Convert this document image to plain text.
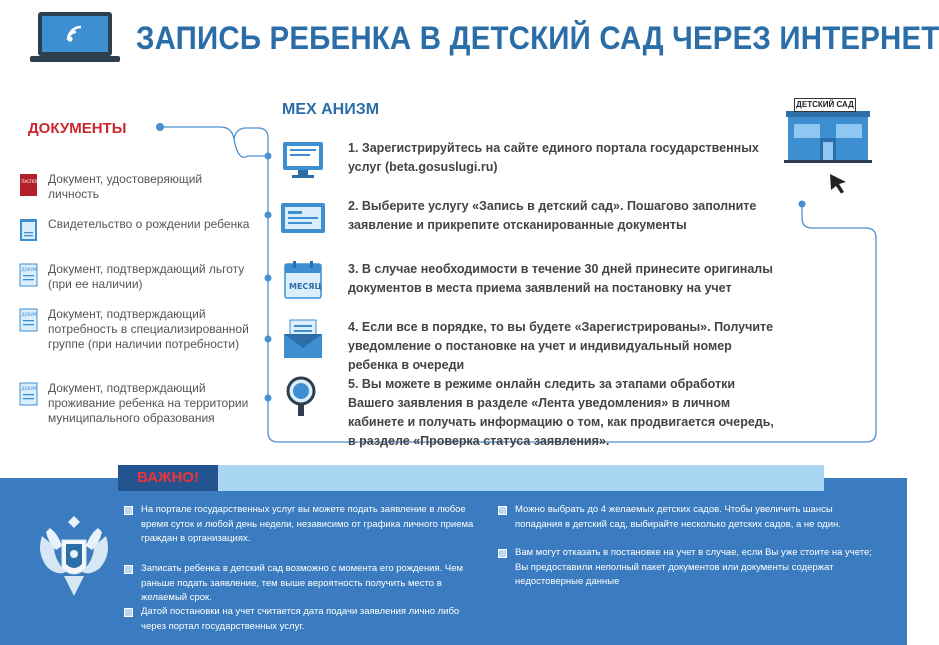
ЗАПИСЬ РЕБЕНКА В ДЕТСКИЙ САД ЧЕРЕЗ ИНТЕРНЕТ
ДОКУМЕНТЫ
ПАСПОРТ Документ, удостоверяющий личность
Свидетельство о рождении ребенка
ДОКУМ Документ, подтверждающий льготу (при ее наличии)
ДОКУМ Документ, подтверждающий потребность в специализированной группе (при наличии потребности)
ДОКУМ Документ, подтверждающий проживание ребенка на территории муниципального образования
МЕХ АНИЗМ
1. Зарегистрируйтесь на сайте единого портала государственных услуг (beta.gosuslugi.ru)
2. Выберите услугу «Запись в детский сад». Пошагово заполните заявление и прикрепите отсканированные документы
МЕСЯЦ
3. В случае необходимости в течение 30 дней принесите оригиналы документов в места приема заявлений на постановку на учет
4. Если все в порядке, то вы будете «Зарегистрированы». Получите уведомление о постановке на учет и индивидуальный номер ребенка в очереди
5. Вы можете в режиме онлайн следить за этапами обработки Вашего заявления в разделе «Лента уведомления» в личном кабинете и получать информацию о том, как продвигается очередь, в разделе «Проверка статуса заявления».
ДЕТСКИЙ САД
ВАЖНО!
На портале государственных услуг вы можете подать заявление в любое время суток и любой день недели, независимо от графика личного приема граждан в организациях.
Записать ребенка в детский сад возможно с момента его рождения. Чем раньше подать заявление, тем выше вероятность получить место в желаемый срок.
Датой постановки на учет считается дата подачи заявления лично либо через портал государственных услуг.
Можно выбрать до 4 желаемых детских садов. Чтобы увеличить шансы попадания в детский сад, выбирайте несколько детских садов, а не один.
Вам могут отказать в постановке на учет в случае, если Вы уже стоите на учете; Вы предоставили неполный пакет документов или документы содержат недостоверные данные
